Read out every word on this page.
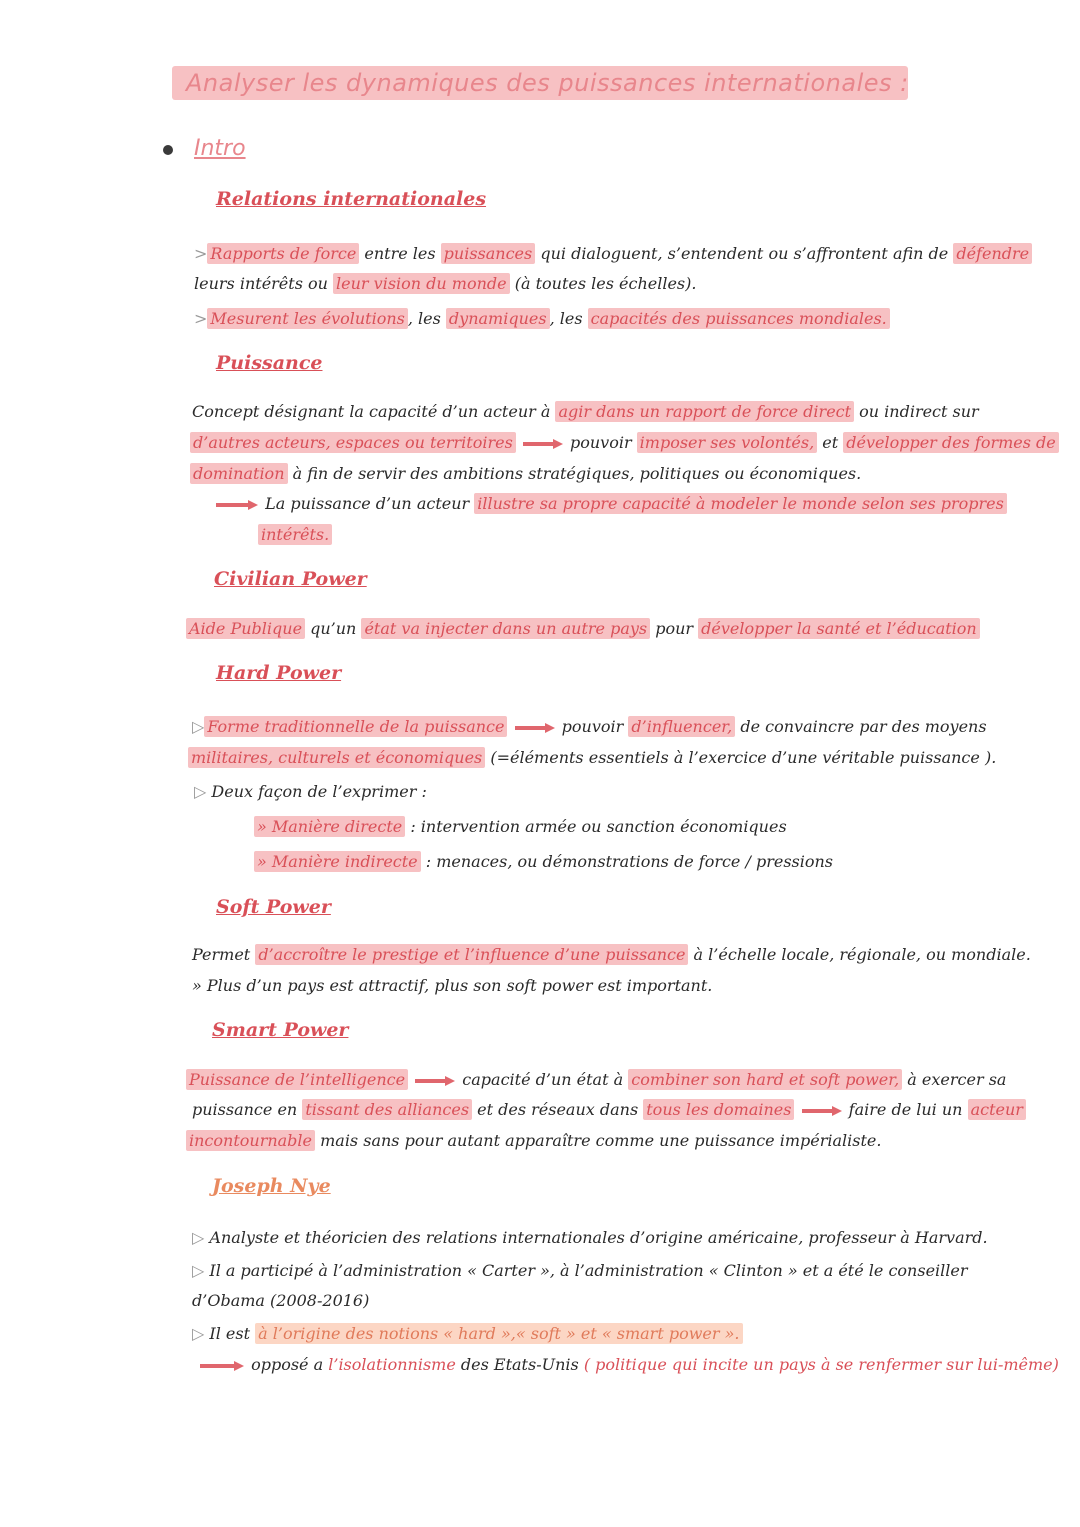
Analyser les dynamiques des puissances internationales :
Intro
Relations internationales
> Rapports de force entre les puissances qui dialoguent, s’entendent ou s’affrontent afin de défendre
leurs intérêts ou leur vision du monde (à toutes les échelles).
> Mesurent les évolutions , les dynamiques , les capacités des puissances mondiales.
Puissance
Concept désignant la capacité d’un acteur à agir dans un rapport de force direct ou indirect sur
d’autres acteurs, espaces ou territoires	pouvoir imposer ses volontés, et développer des formes de
domination à fin de servir des ambitions stratégiques, politiques ou économiques.
La puissance d’un acteur illustre sa propre capacité à modeler le monde selon ses propres
intérêts.
Civilian Power
Aide Publique qu’un état va injecter dans un autre pays pour développer la santé et l’éducation
Hard Power
▷ Forme traditionnelle de la puissance	pouvoir d’influencer, de convaincre par des moyens
militaires, culturels et économiques (=éléments essentiels à l’exercice d’une véritable puissance ).
▷ Deux façon de l’exprimer :
» Manière directe : intervention armée ou sanction économiques
» Manière indirecte : menaces, ou démonstrations de force / pressions
Soft Power
Permet d’accroître le prestige et l’influence d’une puissance à l’échelle locale, régionale, ou mondiale.
» Plus d’un pays est attractif, plus son soft power est important.
Smart Power
Puissance de l’intelligence	capacité d’un état à combiner son hard et soft power, à exercer sa
puissance en tissant des alliances et des réseaux dans tous les domaines	faire de lui un acteur
incontournable mais sans pour autant apparaître comme une puissance impérialiste.
Joseph Nye
▷ Analyste et théoricien des relations internationales d’origine américaine, professeur à Harvard.
▷ Il a participé à l’administration « Carter », à l’administration « Clinton » et a été le conseiller
d’Obama (2008-2016)
▷ Il est à l’origine des notions « hard »,« soft » et « smart power ».
opposé a l’isolationnisme des Etats-Unis ( politique qui incite un pays à se renfermer sur lui-même)
